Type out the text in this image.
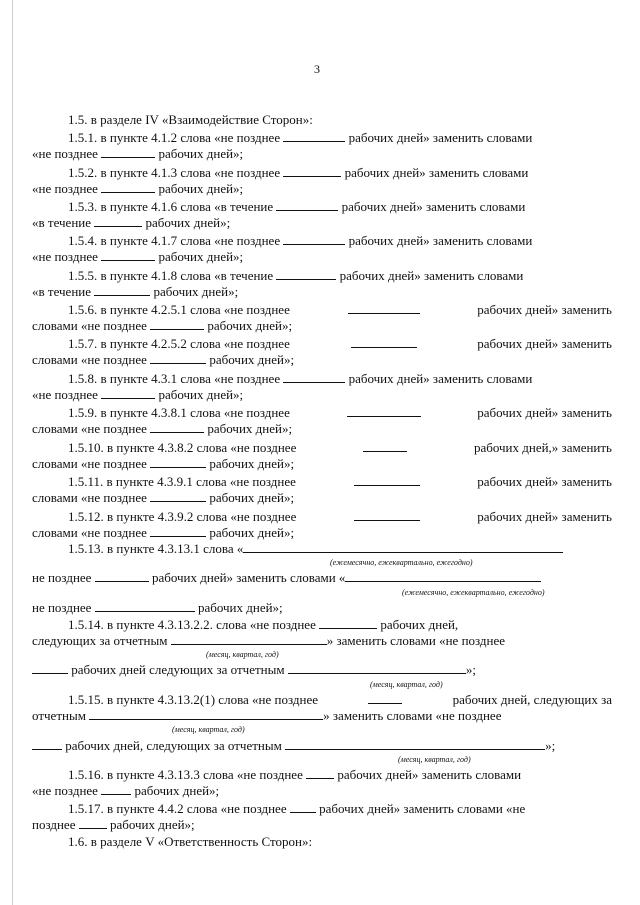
3
1.5. в разделе IV «Взаимодействие Сторон»:
1.5.1. в пункте 4.1.2 слова «не позднее	рабочих дней» заменить словами
«не позднее	рабочих дней»;
1.5.2. в пункте 4.1.3 слова «не позднее	рабочих дней» заменить словами
«не позднее	рабочих дней»;
1.5.3. в пункте 4.1.6 слова «в течение	рабочих дней» заменить словами
«в течение	рабочих дней»;
1.5.4. в пункте 4.1.7 слова «не позднее	рабочих дней» заменить словами
«не позднее	рабочих дней»;
1.5.5. в пункте 4.1.8 слова «в течение	рабочих дней» заменить словами
«в течение	рабочих дней»;
1.5.6. в пункте 4.2.5.1 слова «не позднее	рабочих дней» заменить
словами «не позднее	рабочих дней»;
1.5.7. в пункте 4.2.5.2 слова «не позднее	рабочих дней» заменить
словами «не позднее	рабочих дней»;
1.5.8. в пункте 4.3.1 слова «не позднее	рабочих дней» заменить словами
«не позднее	рабочих дней»;
1.5.9. в пункте 4.3.8.1 слова «не позднее	рабочих дней» заменить
словами «не позднее	рабочих дней»;
1.5.10. в пункте 4.3.8.2 слова «не позднее	рабочих дней,» заменить
словами «не позднее	рабочих дней»;
1.5.11. в пункте 4.3.9.1 слова «не позднее	рабочих дней» заменить
словами «не позднее	рабочих дней»;
1.5.12. в пункте 4.3.9.2 слова «не позднее	рабочих дней» заменить
словами «не позднее	рабочих дней»;
1.5.13. в пункте 4.3.13.1 слова «
(ежемесячно, ежеквартально, ежегодно)
не позднее	рабочих дней» заменить словами «
(ежемесячно, ежеквартально, ежегодно)
не позднее	рабочих дней»;
1.5.14. в пункте 4.3.13.2.2. слова «не позднее	рабочих дней,
следующих за отчетным	» заменить словами «не позднее
(месяц, квартал, год)
рабочих дней следующих за отчетным	»;
(месяц, квартал, год)
1.5.15. в пункте 4.3.13.2(1) слова «не позднее	рабочих дней, следующих за
отчетным	» заменить словами «не позднее
(месяц, квартал, год)
рабочих дней, следующих за отчетным	»;
(месяц, квартал, год)
1.5.16. в пункте 4.3.13.3 слова «не позднее	рабочих дней» заменить словами
«не позднее	рабочих дней»;
1.5.17. в пункте 4.4.2 слова «не позднее	рабочих дней» заменить словами «не
позднее	рабочих дней»;
1.6. в разделе V «Ответственность Сторон»:
